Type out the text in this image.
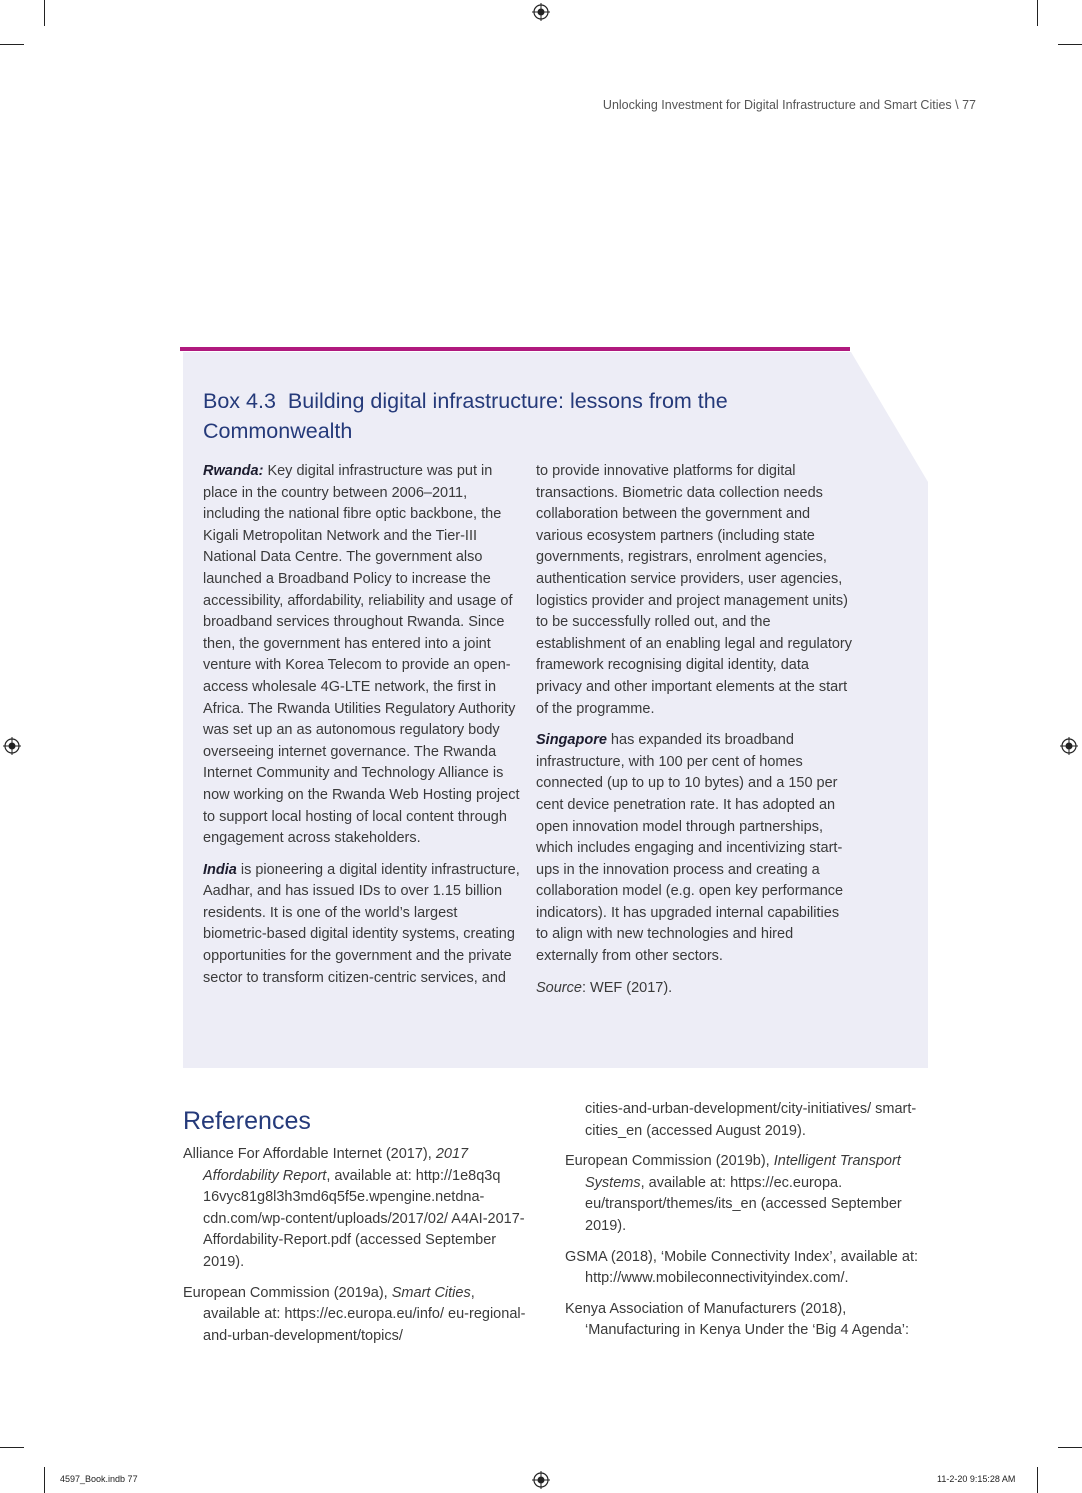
Unlocking Investment for Digital Infrastructure and Smart Cities \ 77
Box 4.3 Building digital infrastructure: lessons from the Commonwealth

Rwanda: Key digital infrastructure was put in place in the country between 2006–2011, including the national fibre optic backbone, the Kigali Metropolitan Network and the Tier-III National Data Centre. The government also launched a Broadband Policy to increase the accessibility, affordability, reliability and usage of broadband services throughout Rwanda. Since then, the government has entered into a joint venture with Korea Telecom to provide an open-access wholesale 4G-LTE network, the first in Africa. The Rwanda Utilities Regulatory Authority was set up an as autonomous regulatory body overseeing internet governance. The Rwanda Internet Community and Technology Alliance is now working on the Rwanda Web Hosting project to support local hosting of local content through engagement across stakeholders.

India is pioneering a digital identity infrastructure, Aadhar, and has issued IDs to over 1.15 billion residents. It is one of the world’s largest biometric-based digital identity systems, creating opportunities for the government and the private sector to transform citizen-centric services, and

to provide innovative platforms for digital transactions. Biometric data collection needs collaboration between the government and various ecosystem partners (including state governments, registrars, enrolment agencies, authentication service providers, user agencies, logistics provider and project management units) to be successfully rolled out, and the establishment of an enabling legal and regulatory framework recognising digital identity, data privacy and other important elements at the start of the programme.

Singapore has expanded its broadband infrastructure, with 100 per cent of homes connected (up to up to 10 bytes) and a 150 per cent device penetration rate. It has adopted an open innovation model through partnerships, which includes engaging and incentivizing start-ups in the innovation process and creating a collaboration model (e.g. open key performance indicators). It has upgraded internal capabilities to align with new technologies and hired externally from other sectors.

Source: WEF (2017).

References

Alliance For Affordable Internet (2017), 2017 Affordability Report, available at: http://1e8q3q 16vyc81g8l3h3md6q5f5e.wpengine.netdna-cdn.com/wp-content/uploads/2017/02/ A4AI-2017-Affordability-Report.pdf (accessed September 2019).

European Commission (2019a), Smart Cities, available at: https://ec.europa.eu/info/ eu-regional-and-urban-development/topics/

cities-and-urban-development/city-initiatives/ smart-cities_en (accessed August 2019).

European Commission (2019b), Intelligent Transport Systems, available at: https://ec.europa. eu/transport/themes/its_en (accessed September 2019).

GSMA (2018), ‘Mobile Connectivity Index’, available at: http://www.mobileconnectivityindex.com/.

Kenya Association of Manufacturers (2018), ‘Manufacturing in Kenya Under the ‘Big 4 Agenda’:

4597_Book.indb 77	11-2-20 9:15:28 AM
